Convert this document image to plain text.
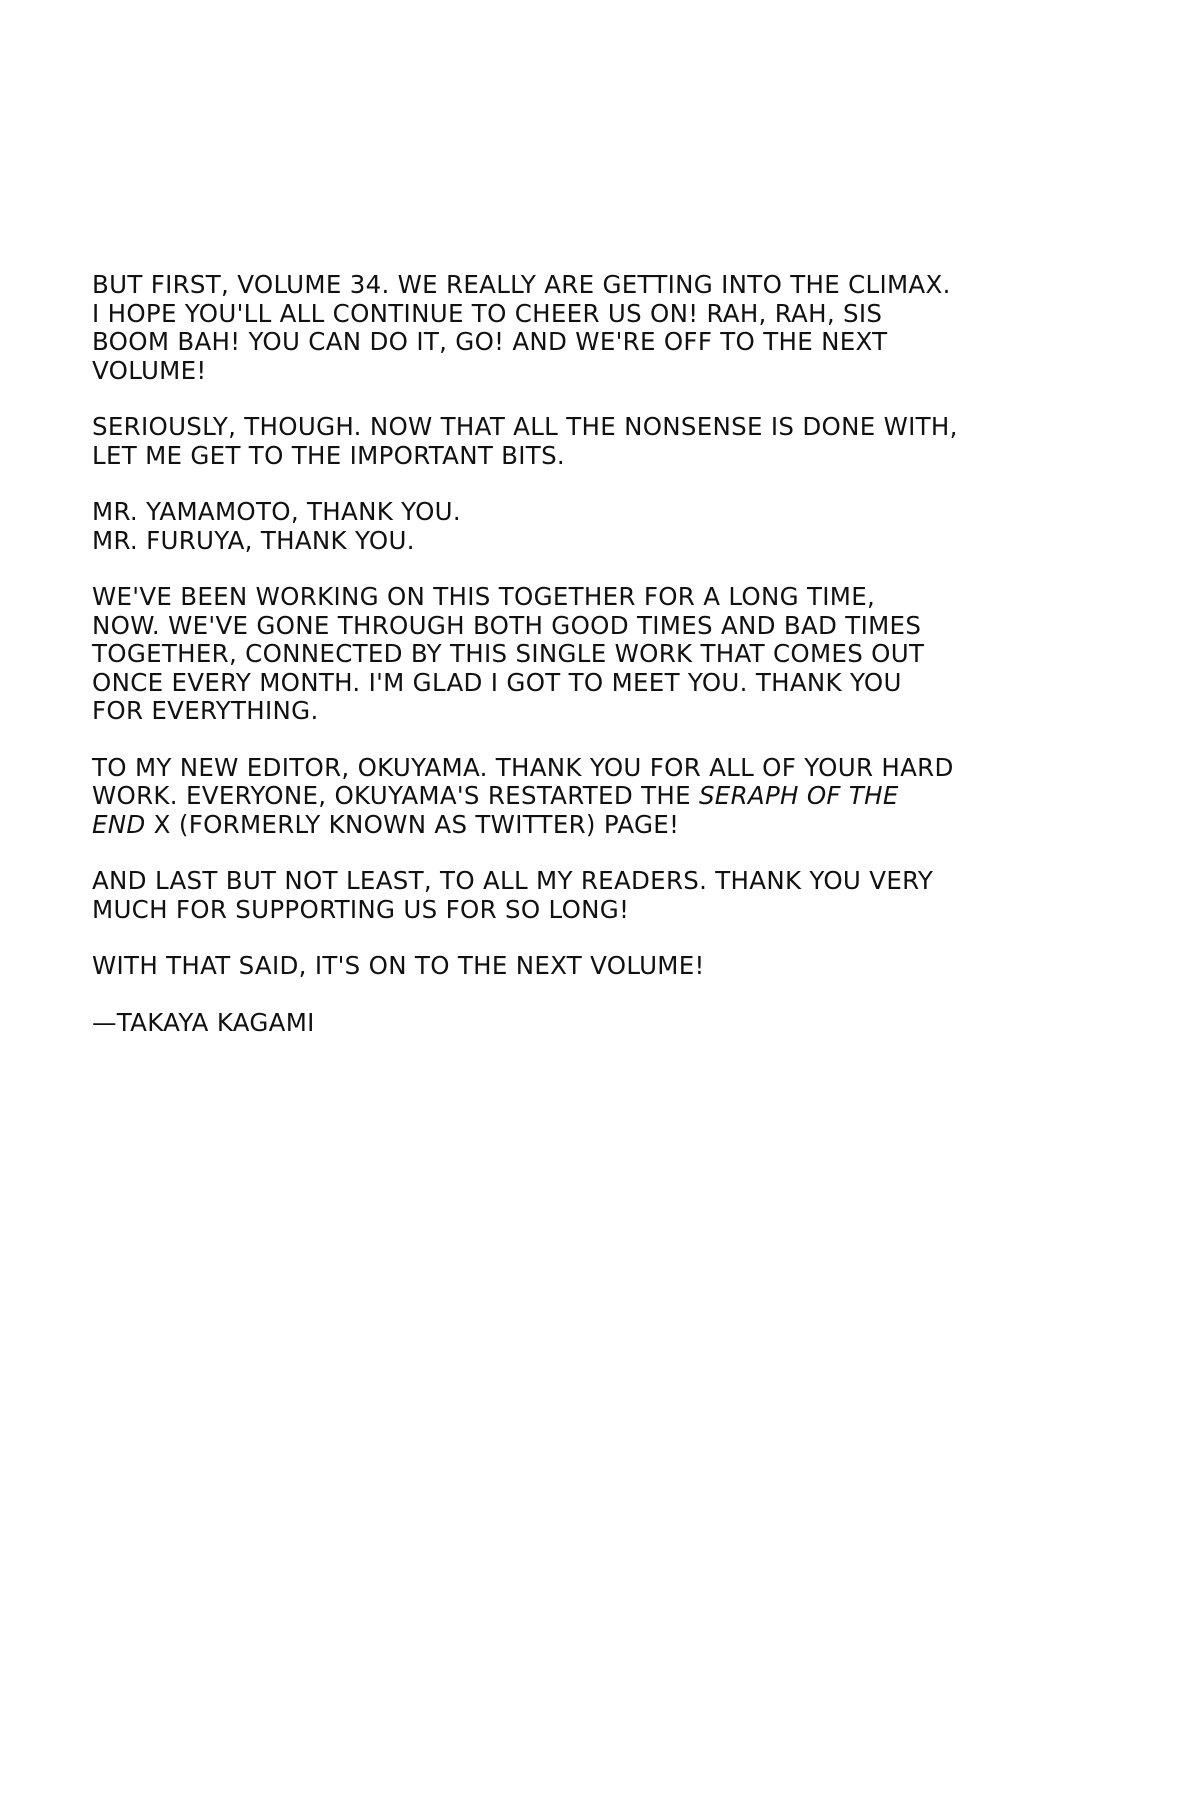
BUT FIRST, VOLUME 34. WE REALLY ARE GETTING INTO THE CLIMAX.
I HOPE YOU'LL ALL CONTINUE TO CHEER US ON! RAH, RAH, SIS
BOOM BAH! YOU CAN DO IT, GO! AND WE'RE OFF TO THE NEXT
VOLUME!

SERIOUSLY, THOUGH. NOW THAT ALL THE NONSENSE IS DONE WITH,
LET ME GET TO THE IMPORTANT BITS.

MR. YAMAMOTO, THANK YOU.
MR. FURUYA, THANK YOU.

WE'VE BEEN WORKING ON THIS TOGETHER FOR A LONG TIME,
NOW. WE'VE GONE THROUGH BOTH GOOD TIMES AND BAD TIMES
TOGETHER, CONNECTED BY THIS SINGLE WORK THAT COMES OUT
ONCE EVERY MONTH. I'M GLAD I GOT TO MEET YOU. THANK YOU
FOR EVERYTHING.

TO MY NEW EDITOR, OKUYAMA. THANK YOU FOR ALL OF YOUR HARD
WORK. EVERYONE, OKUYAMA'S RESTARTED THE SERAPH OF THE
END X (FORMERLY KNOWN AS TWITTER) PAGE!

AND LAST BUT NOT LEAST, TO ALL MY READERS. THANK YOU VERY
MUCH FOR SUPPORTING US FOR SO LONG!

WITH THAT SAID, IT'S ON TO THE NEXT VOLUME!

—TAKAYA KAGAMI
